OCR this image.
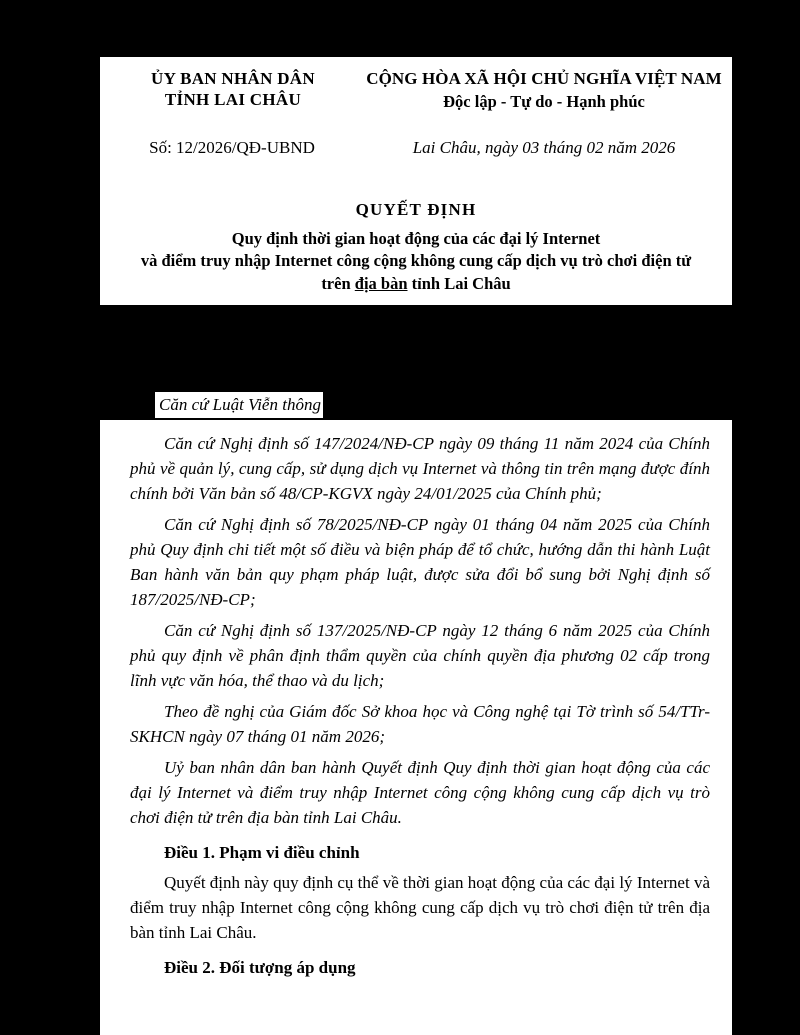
ỦY BAN NHÂN DÂN
TỈNH LAI CHÂU
CỘNG HÒA XÃ HỘI CHỦ NGHĨA VIỆT NAM
Độc lập - Tự do - Hạnh phúc
Số: 12/2026/QĐ-UBND	Lai Châu, ngày 03 tháng 02 năm 2026
QUYẾT ĐỊNH
Quy định thời gian hoạt động của các đại lý Internet
và điểm truy nhập Internet công cộng không cung cấp dịch vụ trò chơi điện tử
trên địa bàn tỉnh Lai Châu
Căn cứ Luật Viễn thông

Căn cứ Nghị định số 147/2024/NĐ-CP ngày 09 tháng 11 năm 2024 của Chính phủ về quản lý, cung cấp, sử dụng dịch vụ Internet và thông tin trên mạng được đính chính bởi Văn bản số 48/CP-KGVX ngày 24/01/2025 của Chính phủ;

Căn cứ Nghị định số 78/2025/NĐ-CP ngày 01 tháng 04 năm 2025 của Chính phủ Quy định chi tiết một số điều và biện pháp để tổ chức, hướng dẫn thi hành Luật Ban hành văn bản quy phạm pháp luật, được sửa đổi bổ sung bởi Nghị định số 187/2025/NĐ-CP;

Căn cứ Nghị định số 137/2025/NĐ-CP ngày 12 tháng 6 năm 2025 của Chính phủ quy định về phân định thẩm quyền của chính quyền địa phương 02 cấp trong lĩnh vực văn hóa, thể thao và du lịch;

Theo đề nghị của Giám đốc Sở khoa học và Công nghệ tại Tờ trình số 54/TTr-SKHCN ngày 07 tháng 01 năm 2026;

Uỷ ban nhân dân ban hành Quyết định Quy định thời gian hoạt động của các đại lý Internet và điểm truy nhập Internet công cộng không cung cấp dịch vụ trò chơi điện tử trên địa bàn tỉnh Lai Châu.

Điều 1. Phạm vi điều chỉnh

Quyết định này quy định cụ thể về thời gian hoạt động của các đại lý Internet và điểm truy nhập Internet công cộng không cung cấp dịch vụ trò chơi điện tử trên địa bàn tỉnh Lai Châu.

Điều 2. Đối tượng áp dụng
